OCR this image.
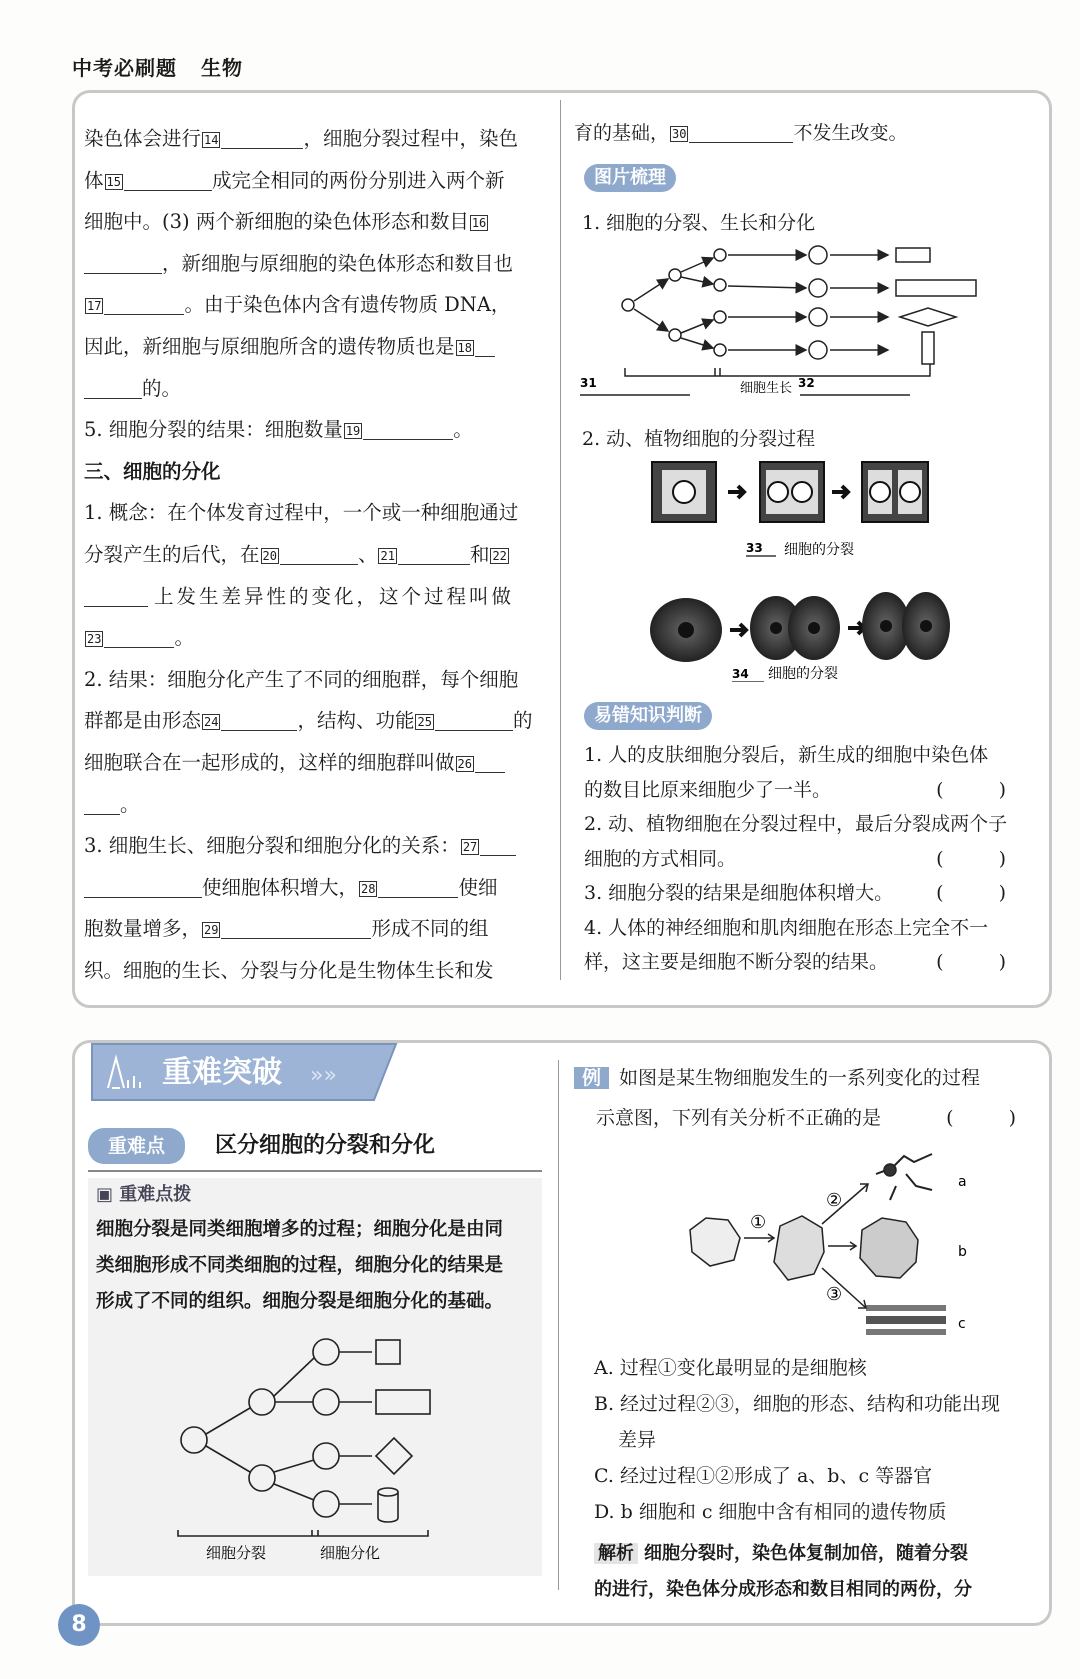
中考必刷题 生物

染色体会进行 14	，细胞分裂过程中，染色

体 15	成完全相同的两份分别进入两个新

细胞中。(3) 两个新细胞的染色体形态和数目 16

，新细胞与原细胞的染色体形态和数目也

17	。由于染色体内含有遗传物质 DNA，

因此，新细胞与原细胞所含的遗传物质也是 18

的。

5. 细胞分裂的结果：细胞数量 19	。

三、细胞的分化

1. 概念：在个体发育过程中，一个或一种细胞通过

分裂产生的后代，在 20	、 21	和 22

上发生差异性的变化，这个过程叫做

23	。

2. 结果：细胞分化产生了不同的细胞群，每个细胞

群都是由形态 24	，结构、功能 25	的

细胞联合在一起形成的，这样的细胞群叫做 26

。

3. 细胞生长、细胞分裂和细胞分化的关系： 27

使细胞体积增大， 28	使细

胞数量增多， 29	形成不同的组

织。细胞的生长、分裂与分化是生物体生长和发

育的基础， 30	不发生改变。

图片梳理
1. 细胞的分裂、生长和分化
31	细胞生长 32
2. 动、植物细胞的分裂过程
33 细胞的分裂
34 细胞的分裂
易错知识判断

1. 人的皮肤细胞分裂后，新生成的细胞中染色体

的数目比原来细胞少了一半。	(　)

2. 动、植物细胞在分裂过程中，最后分裂成两个子

细胞的方式相同。	(　)

3. 细胞分裂的结果是细胞体积增大。 (　)

4. 人体的神经细胞和肌肉细胞在形态上完全不一

样，这主要是细胞不断分裂的结果。	(　)

重难突破 »»
重难点 区分细胞的分裂和分化
▣ 重难点拨

细胞分裂是同类细胞增多的过程；细胞分化是由同

类细胞形成不同类细胞的过程，细胞分化的结果是

形成了不同的组织。细胞分裂是细胞分化的基础。

细胞分裂	细胞分化
例 如图是某生物细胞发生的一系列变化的过程
示意图，下列有关分析不正确的是	(　)
①
②
③
a
b
c
A. 过程①变化最明显的是细胞核
B. 经过过程②③，细胞的形态、结构和功能出现
差异
C. 经过过程①②形成了 a、b、c 等器官
D. b 细胞和 c 细胞中含有相同的遗传物质
解析 细胞分裂时，染色体复制加倍，随着分裂
的进行，染色体分成形态和数目相同的两份，分
8
